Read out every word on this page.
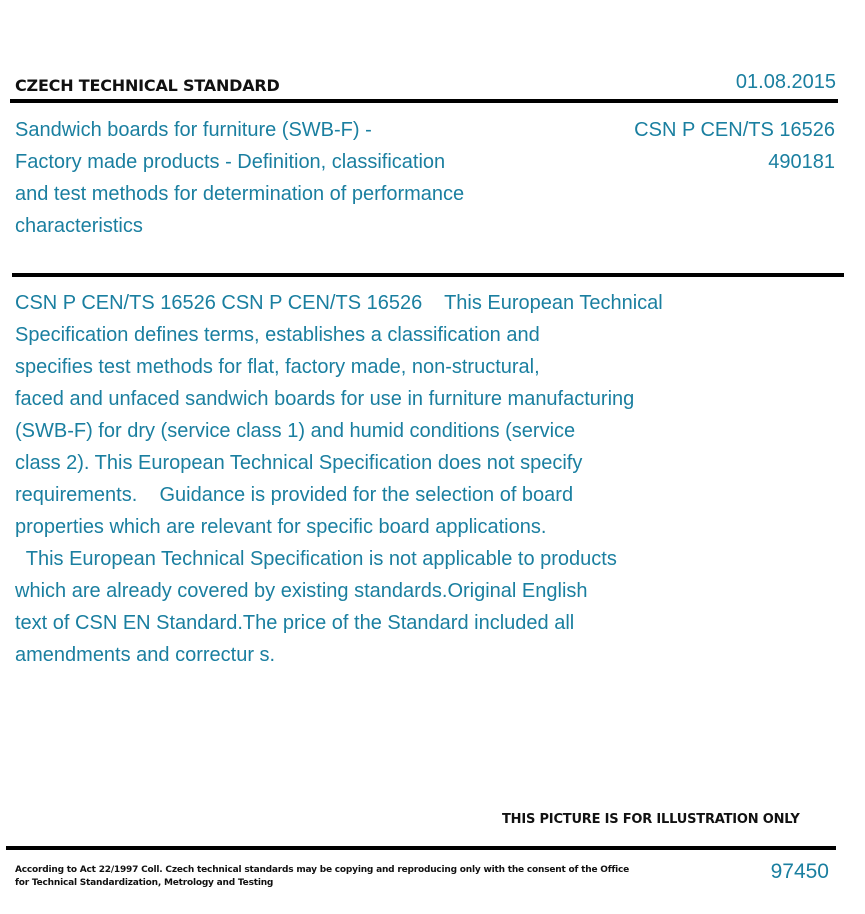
CZECH TECHNICAL STANDARD	01.08.2015
Sandwich boards for furniture (SWB-F) -
Factory made products - Definition, classification
and test methods for determination of performance
characteristics
CSN P CEN/TS 16526
490181
CSN P CEN/TS 16526 CSN P CEN/TS 16526    This European Technical
Specification defines terms, establishes a classification and
specifies test methods for flat, factory made, non-structural,
faced and unfaced sandwich boards for use in furniture manufacturing
(SWB-F) for dry (service class 1) and humid conditions (service
class 2). This European Technical Specification does not specify
requirements.    Guidance is provided for the selection of board
properties which are relevant for specific board applications.
This European Technical Specification is not applicable to products
which are already covered by existing standards.Original English
text of CSN EN Standard.The price of the Standard included all
amendments and correctur s.
THIS PICTURE IS FOR ILLUSTRATION ONLY
According to Act 22/1997 Coll. Czech technical standards may be copying and reproducing only with the consent of the Office
for Technical Standardization, Metrology and Testing	97450
